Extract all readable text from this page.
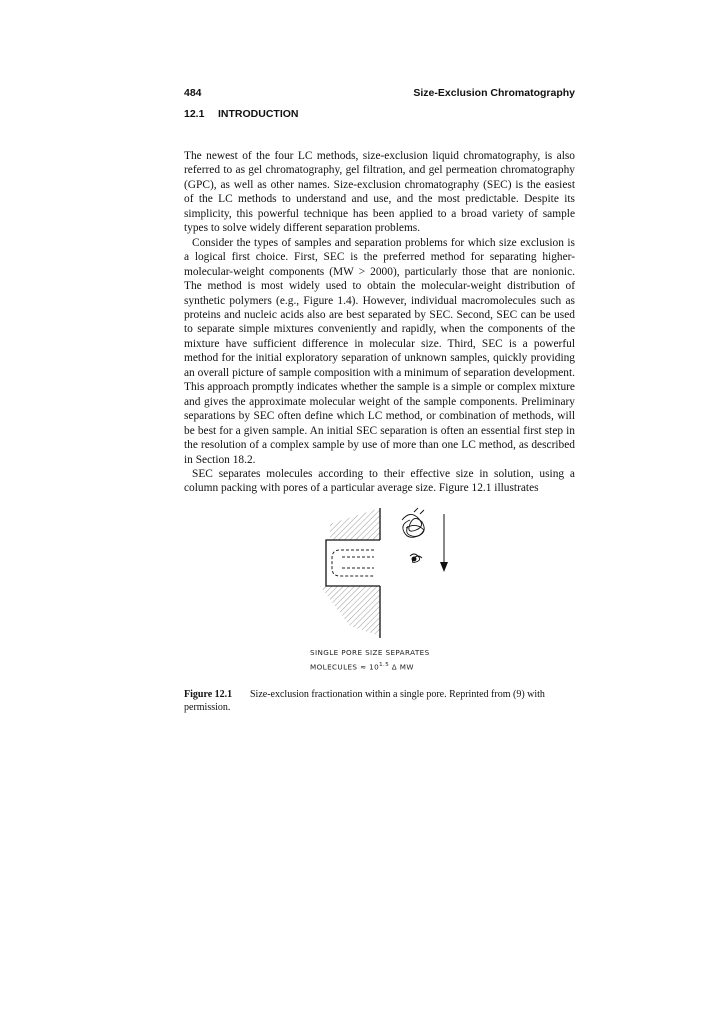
484	Size-Exclusion Chromatography
12.1 INTRODUCTION

The newest of the four LC methods, size-exclusion liquid chromatography, is also referred to as gel chromatography, gel filtration, and gel permeation chromatography (GPC), as well as other names. Size-exclusion chromatography (SEC) is the easiest of the LC methods to understand and use, and the most predictable. Despite its simplicity, this powerful technique has been applied to a broad variety of sample types to solve widely different separation problems.

Consider the types of samples and separation problems for which size exclusion is a logical first choice. First, SEC is the preferred method for separating higher-molecular-weight components (MW > 2000), particularly those that are nonionic. The method is most widely used to obtain the molecular-weight distribution of synthetic polymers (e.g., Figure 1.4). However, individual macromolecules such as proteins and nucleic acids also are best separated by SEC. Second, SEC can be used to separate simple mixtures conveniently and rapidly, when the components of the mixture have sufficient difference in molecular size. Third, SEC is a powerful method for the initial exploratory separation of unknown samples, quickly providing an overall picture of sample composition with a minimum of separation development. This approach promptly indicates whether the sample is a simple or complex mixture and gives the approximate molecular weight of the sample components. Preliminary separations by SEC often define which LC method, or combination of methods, will be best for a given sample. An initial SEC separation is often an essential first step in the resolution of a complex sample by use of more than one LC method, as described in Section 18.2.

SEC separates molecules according to their effective size in solution, using a column packing with pores of a particular average size. Figure 12.1 illustrates

SINGLE PORE SIZE SEPARATES
MOLECULES ≈ $10^{1.5}$ Δ MW
Figure 12.1 Size-exclusion fractionation within a single pore. Reprinted from (9) with permission.
